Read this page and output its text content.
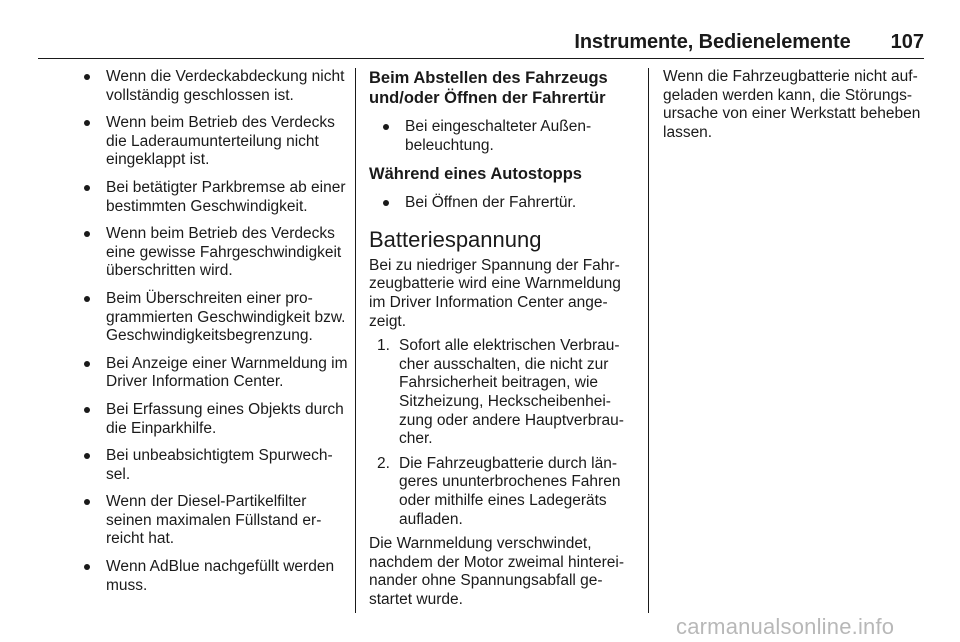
Instrumente, Bedienelemente 107
Wenn die Verdeckabdeckung nicht vollständig geschlossen ist.
Wenn beim Betrieb des Verdecks die Laderaumunterteilung nicht eingeklappt ist.
Bei betätigter Parkbremse ab einer bestimmten Geschwindigkeit.
Wenn beim Betrieb des Verdecks eine gewisse Fahrgeschwindigkeit überschritten wird.
Beim Überschreiten einer programmierten Geschwindigkeit bzw. Geschwindigkeitsbegrenzung.
Bei Anzeige einer Warnmeldung im Driver Information Center.
Bei Erfassung eines Objekts durch die Einparkhilfe.
Bei unbeabsichtigtem Spurwechsel.
Wenn der Diesel-Partikelfilter seinen maximalen Füllstand erreicht hat.
Wenn AdBlue nachgefüllt werden muss.
Beim Abstellen des Fahrzeugs und/oder Öffnen der Fahrertür
Bei eingeschalteter Außenbeleuchtung.
Während eines Autostopps
Bei Öffnen der Fahrertür.
Batteriespannung

Bei zu niedriger Spannung der Fahrzeugbatterie wird eine Warnmeldung im Driver Information Center angezeigt.

1. Sofort alle elektrischen Verbraucher ausschalten, die nicht zur Fahrsicherheit beitragen, wie Sitzheizung, Heckscheibenheizung oder andere Hauptverbraucher.
2. Die Fahrzeugbatterie durch längeres ununterbrochenes Fahren oder mithilfe eines Ladegeräts aufladen.

Die Warnmeldung verschwindet, nachdem der Motor zweimal hintereinander ohne Spannungsabfall gestartet wurde.

Wenn die Fahrzeugbatterie nicht aufgeladen werden kann, die Störungsursache von einer Werkstatt beheben lassen.

carmanualsonline.info
